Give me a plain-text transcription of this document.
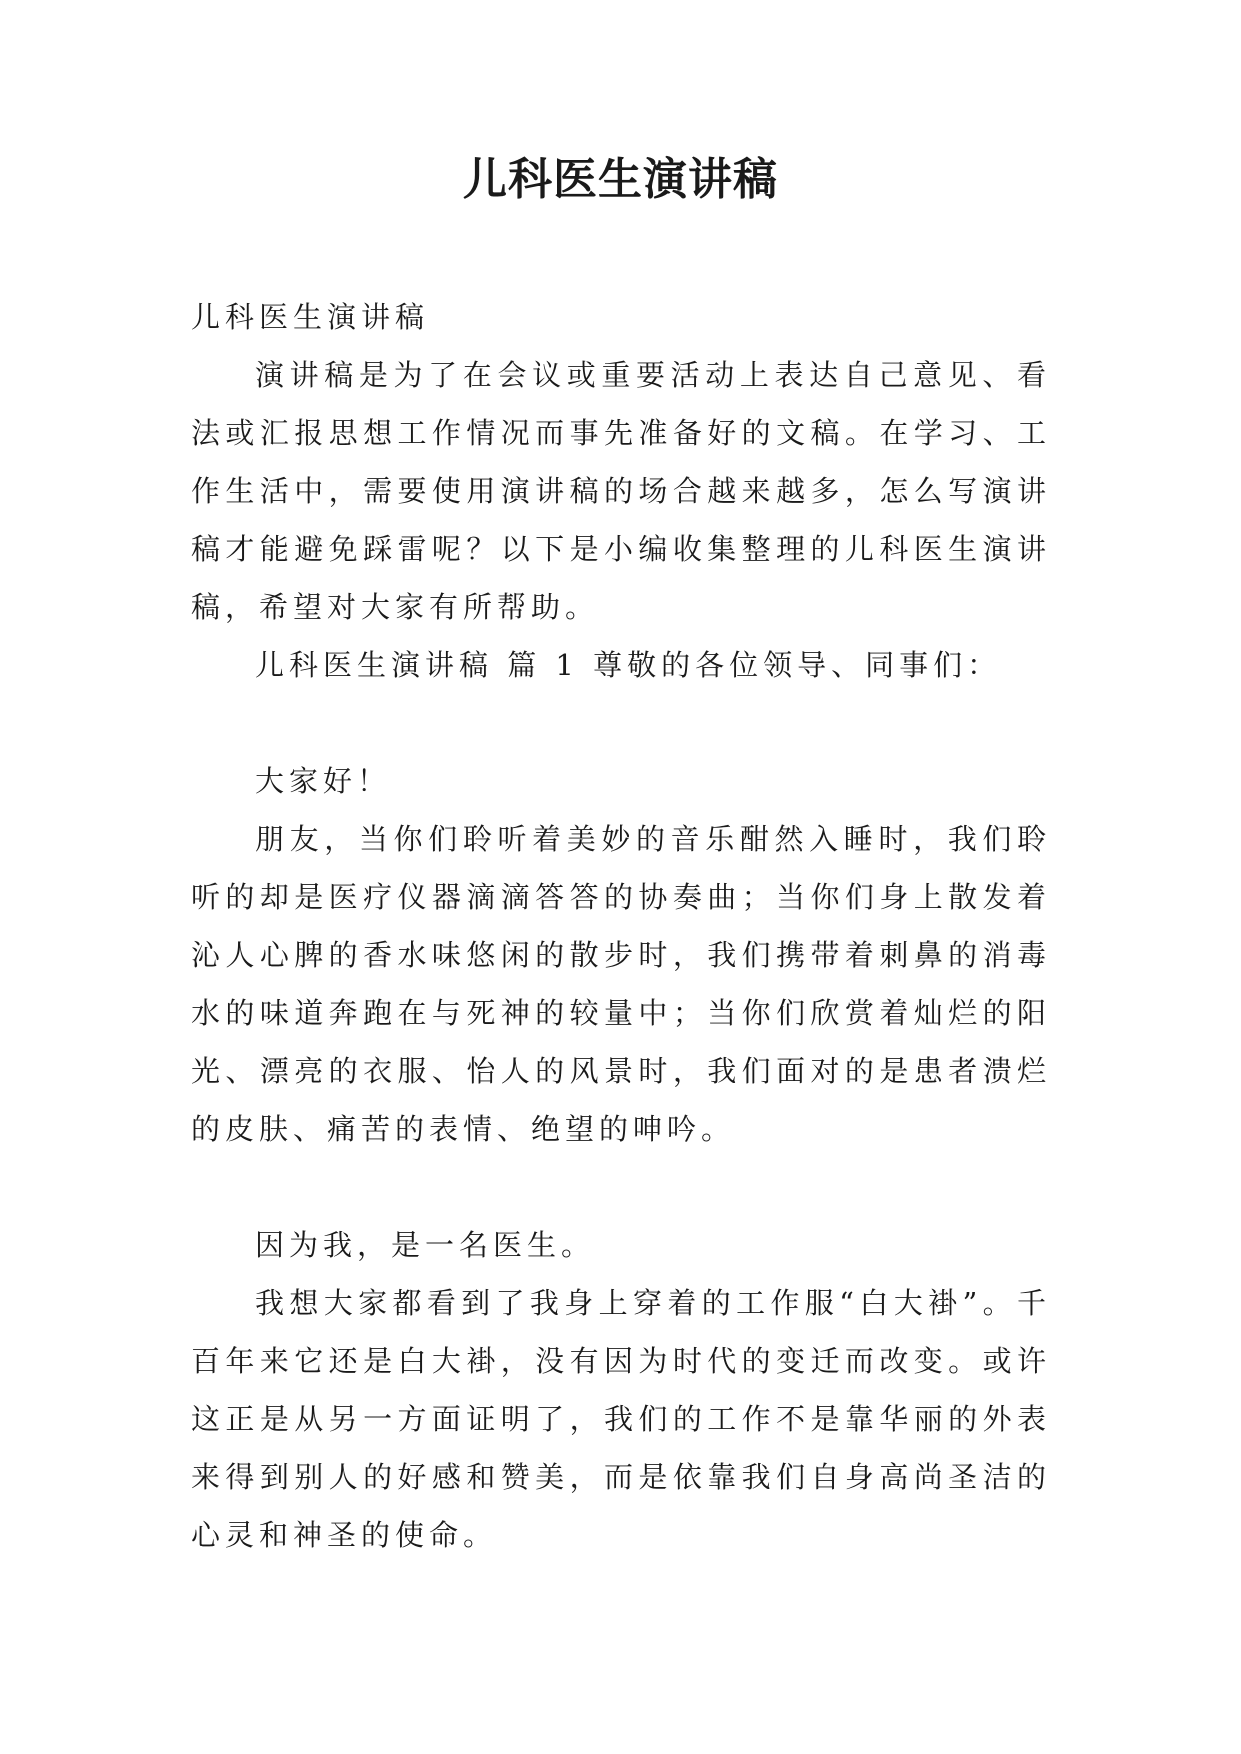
儿科医生演讲稿

儿科医生演讲稿

演讲稿是为了在会议或重要活动上表达自己意见、看法或汇报思想工作情况而事先准备好的文稿。在学习、工作生活中，需要使用演讲稿的场合越来越多，怎么写演讲稿才能避免踩雷呢？以下是小编收集整理的儿科医生演讲稿，希望对大家有所帮助。

儿科医生演讲稿 篇 1 尊敬的各位领导、同事们：

大家好！

朋友，当你们聆听着美妙的音乐酣然入睡时，我们聆听的却是医疗仪器滴滴答答的协奏曲；当你们身上散发着沁人心脾的香水味悠闲的散步时，我们携带着刺鼻的消毒水的味道奔跑在与死神的较量中；当你们欣赏着灿烂的阳光、漂亮的衣服、怡人的风景时，我们面对的是患者溃烂的皮肤、痛苦的表情、绝望的呻吟。

因为我，是一名医生。

我想大家都看到了我身上穿着的工作服“白大褂”。千百年来它还是白大褂，没有因为时代的变迁而改变。或许这正是从另一方面证明了，我们的工作不是靠华丽的外表来得到别人的好感和赞美，而是依靠我们自身高尚圣洁的心灵和神圣的使命。
